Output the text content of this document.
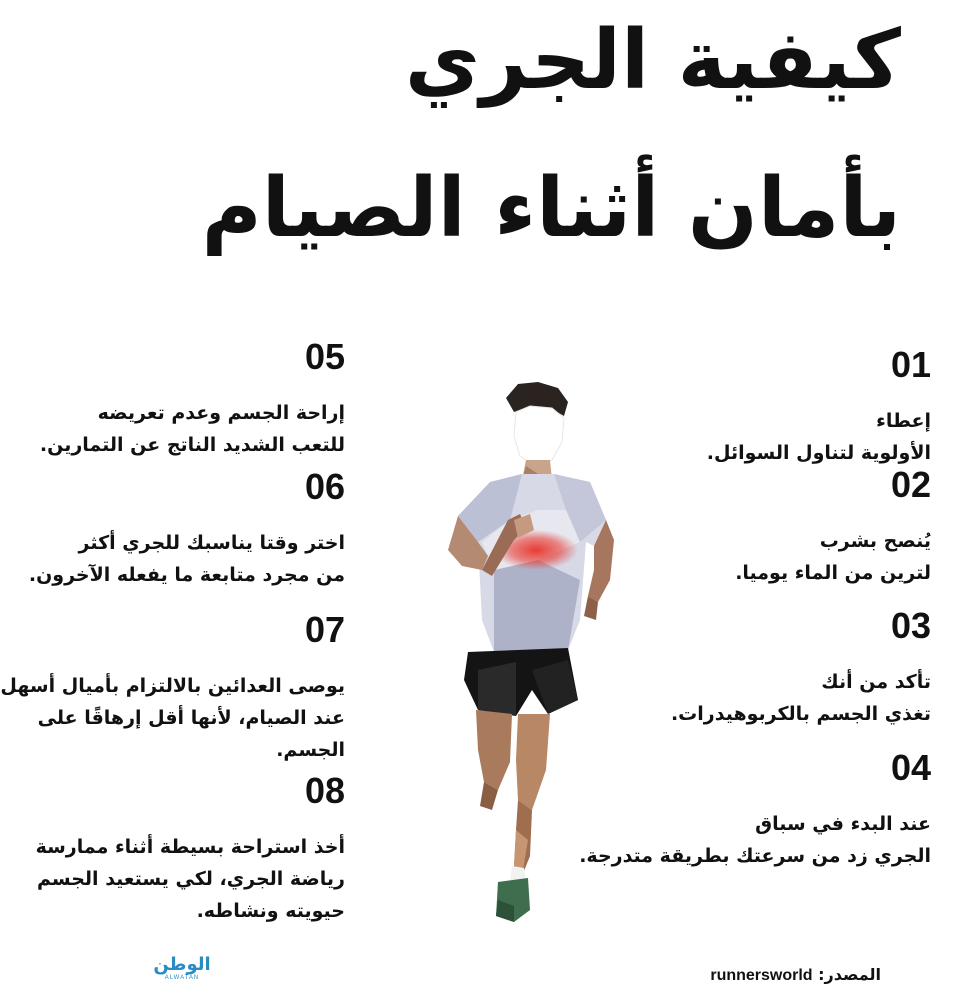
كيفية الجري
بأمان أثناء الصيام
01
إعطاء
الأولوية لتناول السوائل.
02
يُنصح بشرب
لترين من الماء يوميا.
03
تأكد من أنك
تغذي الجسم بالكربوهيدرات.
04
عند البدء في سباق
الجري زد من سرعتك بطريقة متدرجة.
05
إراحة الجسم وعدم تعريضه
للتعب الشديد الناتج عن التمارين.
06
اختر وقتا يناسبك للجري أكثر
من مجرد متابعة ما يفعله الآخرون.
07
يوصى العدائين بالالتزام بأميال أسهل
عند الصيام، لأنها أقل إرهاقًا على
الجسم.
08
أخذ استراحة بسيطة أثناء ممارسة
رياضة الجري، لكي يستعيد الجسم
حيويته ونشاطه.
المصدر: runnersworld
الوطن
ALWATAN
